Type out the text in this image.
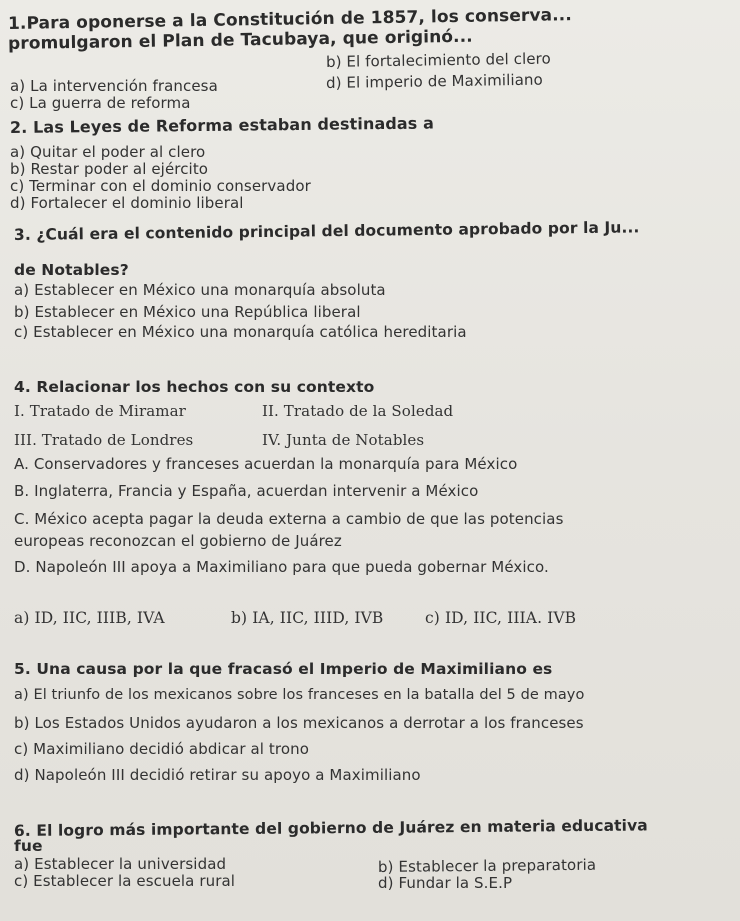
1.Para oponerse a la Constitución de 1857, los conserva...
promulgaron el Plan de Tacubaya, que originó...
a) La intervención francesa
b) El fortalecimiento del clero
c) La guerra de reforma
d) El imperio de Maximiliano
2. Las Leyes de Reforma estaban destinadas a
a) Quitar el poder al clero
b) Restar poder al ejército
c) Terminar con el dominio conservador
d) Fortalecer el dominio liberal
3. ¿Cuál era el contenido principal del documento aprobado por la Ju...
de Notables?
a) Establecer en México una monarquía absoluta
b) Establecer en México una República liberal
c) Establecer en México una monarquía católica hereditaria
4. Relacionar los hechos con su contexto
I. Tratado de Miramar	II. Tratado de la Soledad
III. Tratado de Londres	IV. Junta de Notables
A. Conservadores y franceses acuerdan la monarquía para México
B. Inglaterra, Francia y España, acuerdan intervenir a México
C. México acepta pagar la deuda externa a cambio de que las potencias
europeas reconozcan el gobierno de Juárez
D. Napoleón III apoya a Maximiliano para que pueda gobernar México.
a) ID, IIC, IIIB, IVA	b) IA, IIC, IIID, IVB	c) ID, IIC, IIIA. IVB
5. Una causa por la que fracasó el Imperio de Maximiliano es
a) El triunfo de los mexicanos sobre los franceses en la batalla del 5 de mayo
b) Los Estados Unidos ayudaron a los mexicanos a derrotar a los franceses
c) Maximiliano decidió abdicar al trono
d) Napoleón III decidió retirar su apoyo a Maximiliano
6. El logro más importante del gobierno de Juárez en materia educativa
fue
a) Establecer la universidad	b) Establecer la preparatoria
c) Establecer la escuela rural	d) Fundar la S.E.P
